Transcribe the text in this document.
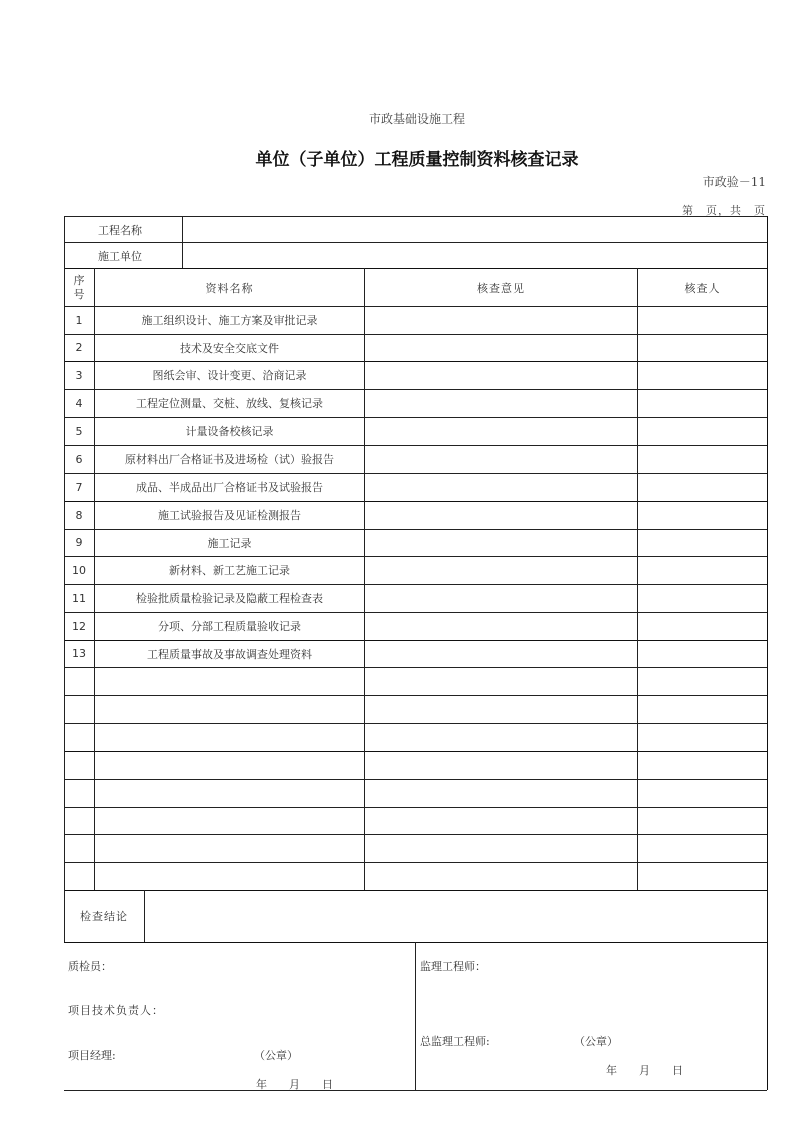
市政基础设施工程
单位（子单位）工程质量控制资料核查记录
市政验－11
第　页，共　页
工程名称
施工单位
序号	资料名称	核查意见	核查人
1	施工组织设计、施工方案及审批记录
2	技术及安全交底文件
3	图纸会审、设计变更、洽商记录
4	工程定位测量、交桩、放线、复核记录
5	计量设备校核记录
6	原材料出厂合格证书及进场检（试）验报告
7	成品、半成品出厂合格证书及试验报告
8	施工试验报告及见证检测报告
9	施工记录
10	新材料、新工艺施工记录
11	检验批质量检验记录及隐蔽工程检查表
12	分项、分部工程质量验收记录
13	工程质量事故及事故调查处理资料
检查结论
质检员：
项目技术负责人：
项目经理:	（公章）
年　　月　　日
监理工程师：
总监理工程师:	（公章）
年　　月　　日
